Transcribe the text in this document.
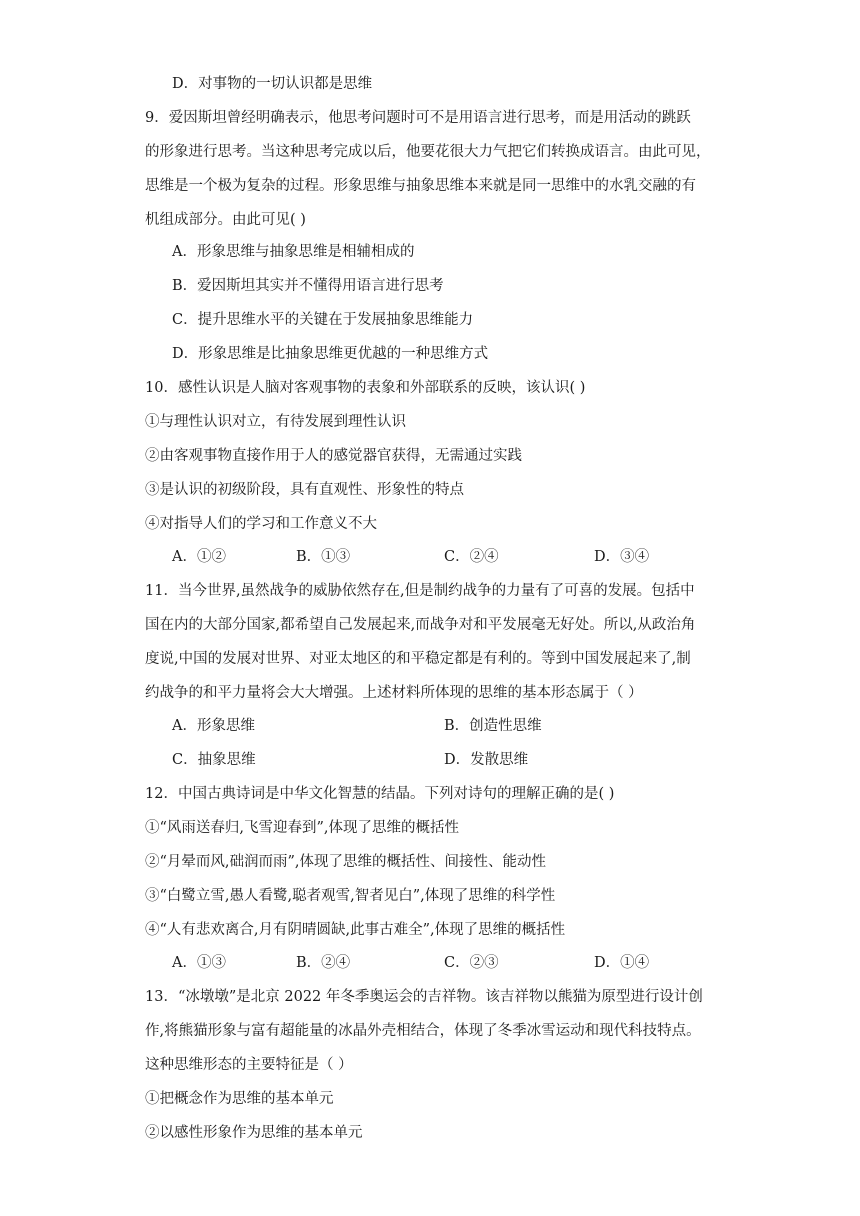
D．对事物的一切认识都是思维
9．爱因斯坦曾经明确表示，他思考问题时可不是用语言进行思考，而是用活动的跳跃
的形象进行思考。当这种思考完成以后，他要花很大力气把它们转换成语言。由此可见，
思维是一个极为复杂的过程。形象思维与抽象思维本来就是同一思维中的水乳交融的有
机组成部分。由此可见( )
A．形象思维与抽象思维是相辅相成的
B．爱因斯坦其实并不懂得用语言进行思考
C．提升思维水平的关键在于发展抽象思维能力
D．形象思维是比抽象思维更优越的一种思维方式
10．感性认识是人脑对客观事物的表象和外部联系的反映，该认识( )
①与理性认识对立，有待发展到理性认识
②由客观事物直接作用于人的感觉器官获得，无需通过实践
③是认识的初级阶段，具有直观性、形象性的特点
④对指导人们的学习和工作意义不大
A．①②	B．①③	C．②④	D．③④
11．当今世界,虽然战争的威胁依然存在,但是制约战争的力量有了可喜的发展。包括中
国在内的大部分国家,都希望自己发展起来,而战争对和平发展毫无好处。所以,从政治角
度说,中国的发展对世界、对亚太地区的和平稳定都是有利的。等到中国发展起来了,制
约战争的和平力量将会大大增强。上述材料所体现的思维的基本形态属于（ ）
A．形象思维	B．创造性思维
C．抽象思维	D．发散思维
12．中国古典诗词是中华文化智慧的结晶。下列对诗句的理解正确的是( )
①“风雨送春归,飞雪迎春到”,体现了思维的概括性
②“月晕而风,础润而雨”,体现了思维的概括性、间接性、能动性
③“白鹭立雪,愚人看鹭,聪者观雪,智者见白”,体现了思维的科学性
④“人有悲欢离合,月有阴晴圆缺,此事古难全”,体现了思维的概括性
A．①③	B．②④	C．②③	D．①④
13．“冰墩墩”是北京 2022 年冬季奥运会的吉祥物。该吉祥物以熊猫为原型进行设计创
作,将熊猫形象与富有超能量的冰晶外壳相结合，体现了冬季冰雪运动和现代科技特点。
这种思维形态的主要特征是（ ）
①把概念作为思维的基本单元
②以感性形象作为思维的基本单元
